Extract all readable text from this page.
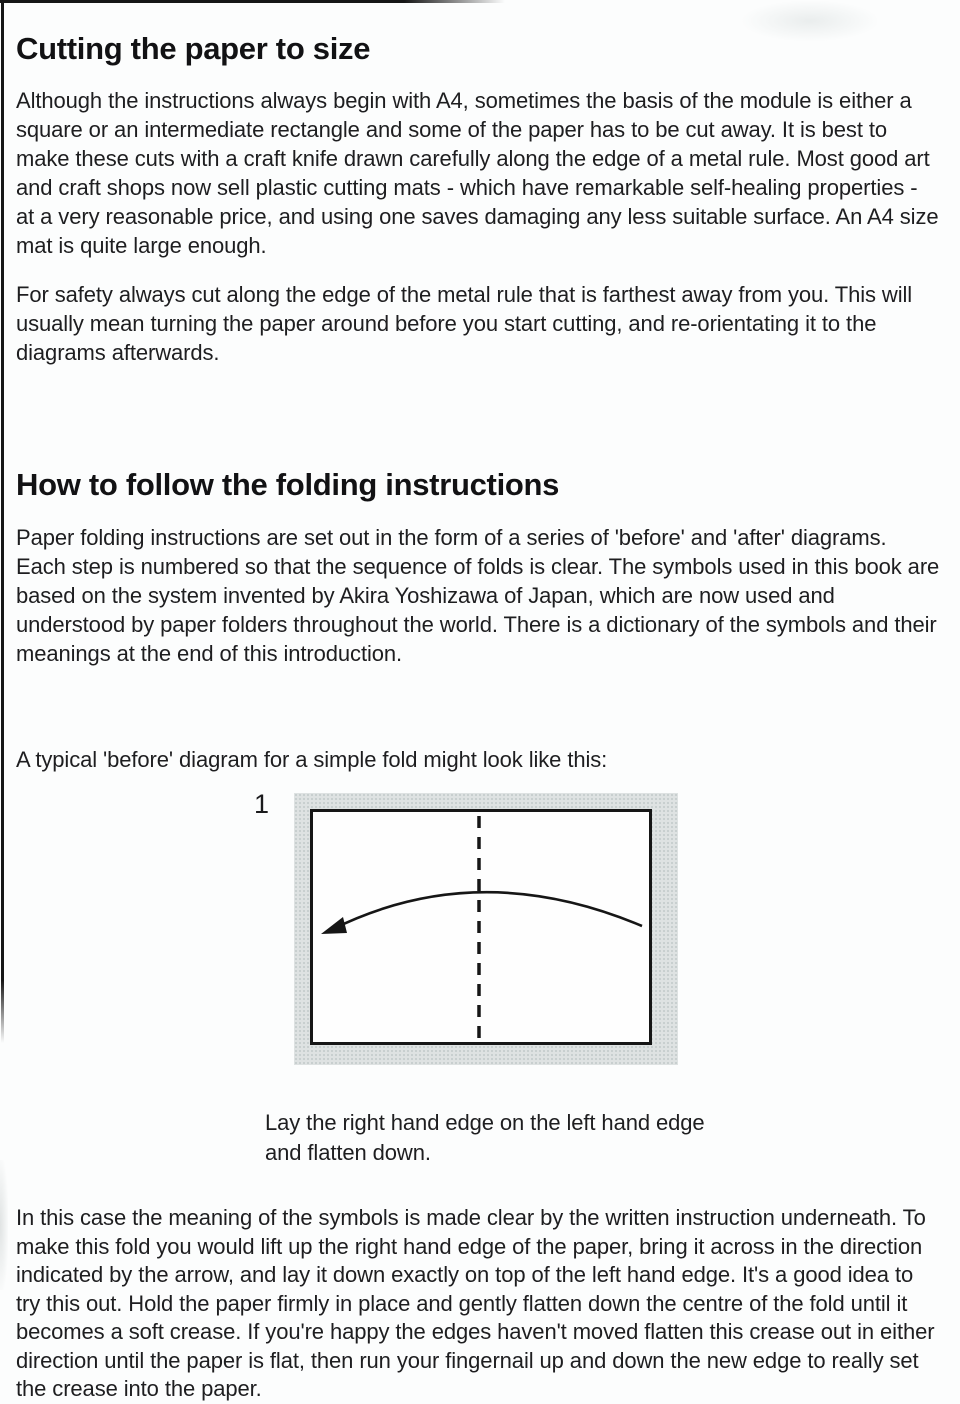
Cutting the paper to size

Although the instructions always begin with A4, sometimes the basis of the module is either a square or an intermediate rectangle and some of the paper has to be cut away. It is best to make these cuts with a craft knife drawn carefully along the edge of a metal rule. Most good art and craft shops now sell plastic cutting mats - which have remarkable self-healing properties - at a very reasonable price, and using one saves damaging any less suitable surface. An A4 size mat is quite large enough.

For safety always cut along the edge of the metal rule that is farthest away from you. This will usually mean turning the paper around before you start cutting, and re-orientating it to the diagrams afterwards.

How to follow the folding instructions

Paper folding instructions are set out in the form of a series of 'before' and 'after' diagrams. Each step is numbered so that the sequence of folds is clear. The symbols used in this book are based on the system invented by Akira Yoshizawa of Japan, which are now used and understood by paper folders throughout the world. There is a dictionary of the symbols and their meanings at the end of this introduction.

A typical 'before' diagram for a simple fold might look like this:

1

Lay the right hand edge on the left hand edge and flatten down.

In this case the meaning of the symbols is made clear by the written instruction underneath. To make this fold you would lift up the right hand edge of the paper, bring it across in the direction indicated by the arrow, and lay it down exactly on top of the left hand edge. It's a good idea to try this out. Hold the paper firmly in place and gently flatten down the centre of the fold until it becomes a soft crease. If you're happy the edges haven't moved flatten this crease out in either direction until the paper is flat, then run your fingernail up and down the new edge to really set the crease into the paper.
